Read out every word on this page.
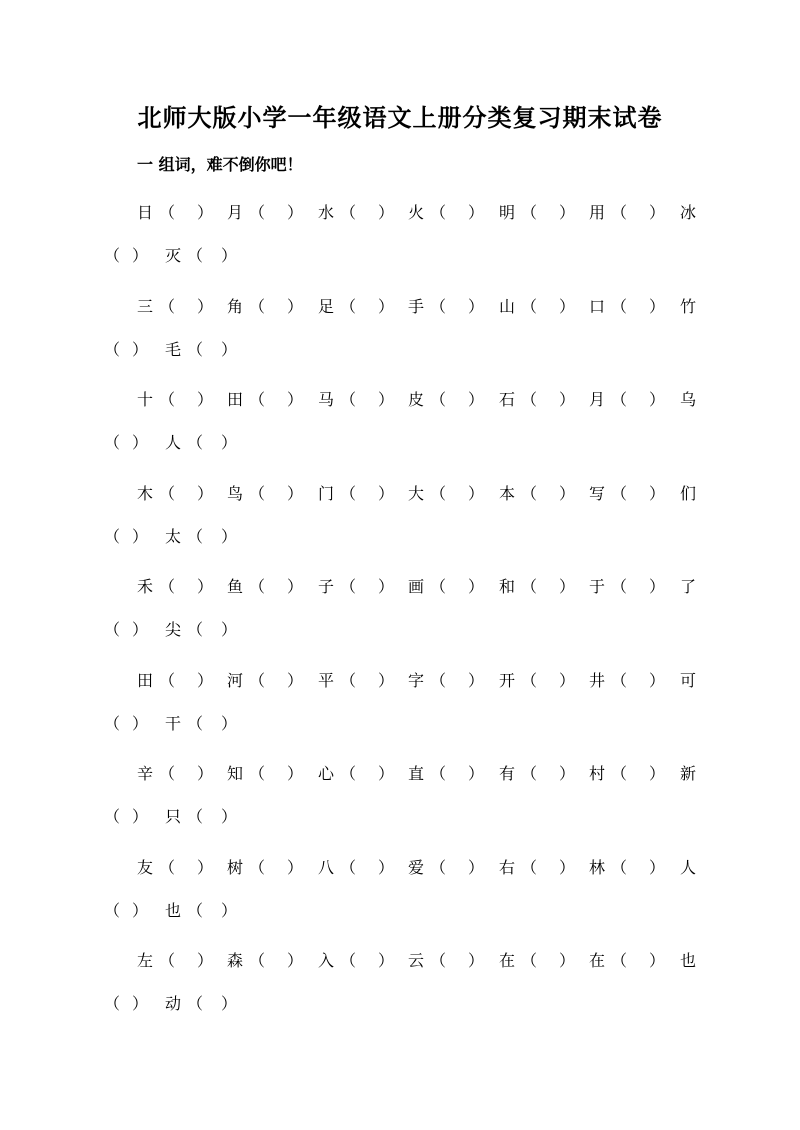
北师大版小学一年级语文上册分类复习期末试卷
一 组词，难不倒你吧！
日 （ ） 月 （ ） 水 （ ） 火 （ ） 明 （ ） 用 （ ） 冰
（ ） 灭 （ ）
三 （ ） 角 （ ） 足 （ ） 手 （ ） 山 （ ） 口 （ ） 竹
（ ） 毛 （ ）
十 （ ） 田 （ ） 马 （ ） 皮 （ ） 石 （ ） 月 （ ） 乌
（ ） 人 （ ）
木 （ ） 鸟 （ ） 门 （ ） 大 （ ） 本 （ ） 写 （ ） 们
（ ） 太 （ ）
禾 （ ） 鱼 （ ） 子 （ ） 画 （ ） 和 （ ） 于 （ ） 了
（ ） 尖 （ ）
田 （ ） 河 （ ） 平 （ ） 字 （ ） 开 （ ） 井 （ ） 可
（ ） 干 （ ）
辛 （ ） 知 （ ） 心 （ ） 直 （ ） 有 （ ） 村 （ ） 新
（ ） 只 （ ）
友 （ ） 树 （ ） 八 （ ） 爱 （ ） 右 （ ） 林 （ ） 人
（ ） 也 （ ）
左 （ ） 森 （ ） 入 （ ） 云 （ ） 在 （ ） 在 （ ） 也
（ ） 动 （ ）
